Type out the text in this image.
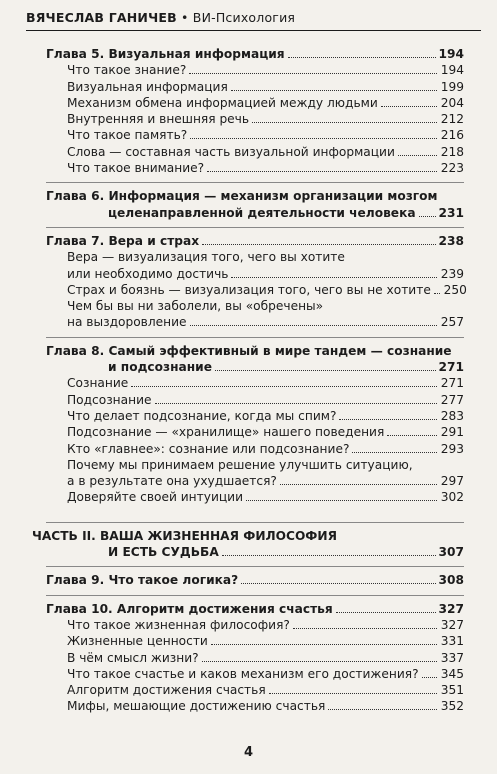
ВЯЧЕСЛАВ ГАНИЧЕВ • ВИ-Психология
Глава 5. Визуальная информация	194
Что такое знание?	194
Визуальная информация	199
Механизм обмена информацией между людьми	204
Внутренняя и внешняя речь	212
Что такое память?	216
Слова — составная часть визуальной информации	218
Что такое внимание?	223
Глава 6. Информация — механизм организации мозгом
целенаправленной деятельности человека 231
Глава 7. Вера и страх	238
Вера — визуализация того, чего вы хотите
или необходимо достичь	239
Страх и боязнь — визуализация того, чего вы не хотите 250
Чем бы вы ни заболели, вы «обречены»
на выздоровление	257
Глава 8. Самый эффективный в мире тандем — сознание
и подсознание	271
Сознание	271
Подсознание	277
Что делает подсознание, когда мы спим?	283
Подсознание — «хранилище» нашего поведения	291
Кто «главнее»: сознание или подсознание?	293
Почему мы принимаем решение улучшить ситуацию,
а в результате она ухудшается?	297
Доверяйте своей интуиции	302
ЧАСТЬ II. ВАША ЖИЗНЕННАЯ ФИЛОСОФИЯ
И ЕСТЬ СУДЬБА	307
Глава 9. Что такое логика?	308
Глава 10. Алгоритм достижения счастья	327
Что такое жизненная философия?	327
Жизненные ценности	331
В чём смысл жизни?	337
Что такое счастье и каков механизм его достижения? 345
Алгоритм достижения счастья	351
Мифы, мешающие достижению счастья	352
4
